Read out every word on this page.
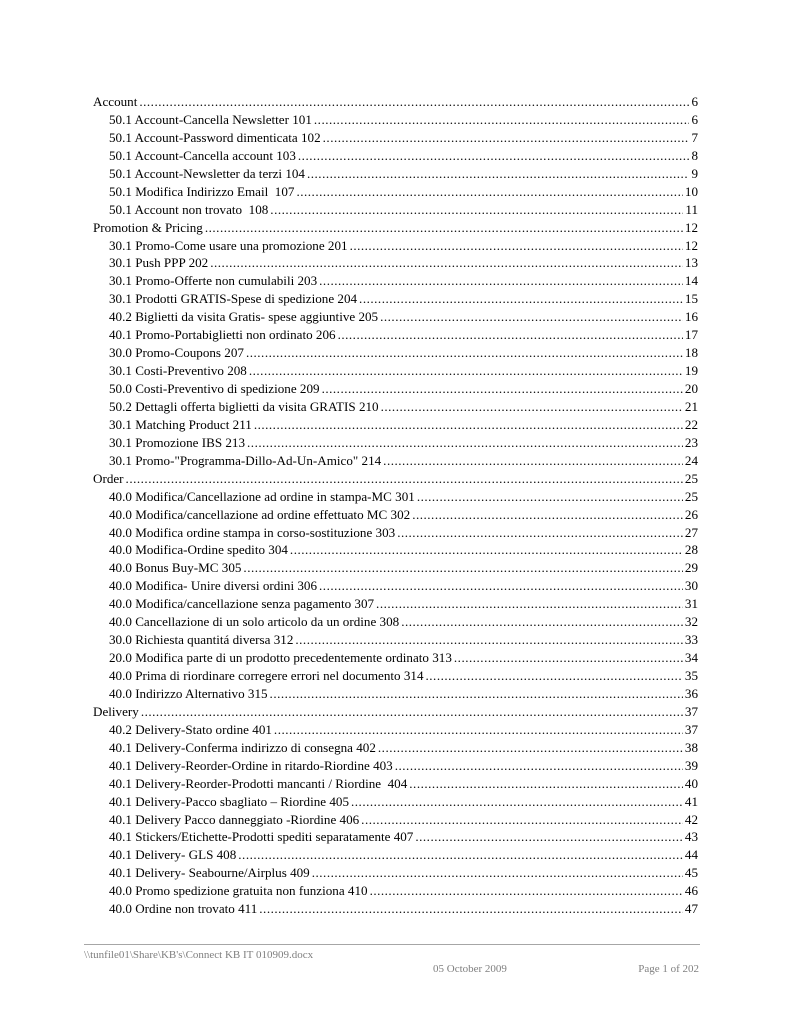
Account .....	6
50.1 Account-Cancella Newsletter 101 .....	6
50.1 Account-Password dimenticata 102 .....	7
50.1 Account-Cancella account 103 .....	8
50.1 Account-Newsletter da terzi 104 .....	9
50.1 Modifica Indirizzo Email  107 .....	10
50.1 Account non trovato  108 .....	11
Promotion & Pricing .....	12
30.1 Promo-Come usare una promozione 201 .....	12
30.1 Push PPP 202 .....	13
30.1 Promo-Offerte non cumulabili 203 .....	14
30.1 Prodotti GRATIS-Spese di spedizione 204 .....	15
40.2 Biglietti da visita Gratis- spese aggiuntive 205 .....	16
40.1 Promo-Portabiglietti non ordinato 206 .....	17
30.0 Promo-Coupons 207 .....	18
30.1 Costi-Preventivo 208 .....	19
50.0 Costi-Preventivo di spedizione 209 .....	20
50.2 Dettagli offerta biglietti da visita GRATIS 210 .....	21
30.1 Matching Product 211 .....	22
30.1 Promozione IBS 213 .....	23
30.1 Promo-"Programma-Dillo-Ad-Un-Amico" 214 .....	24
Order .....	25
40.0 Modifica/Cancellazione ad ordine in stampa-MC 301 .....	25
40.0 Modifica/cancellazione ad ordine effettuato MC 302 .....	26
40.0 Modifica ordine stampa in corso-sostituzione 303 .....	27
40.0 Modifica-Ordine spedito 304 .....	28
40.0 Bonus Buy-MC 305 .....	29
40.0 Modifica- Unire diversi ordini 306 .....	30
40.0 Modifica/cancellazione senza pagamento 307 .....	31
40.0 Cancellazione di un solo articolo da un ordine 308 .....	32
30.0 Richiesta quantitá diversa 312 .....	33
20.0 Modifica parte di un prodotto precedentemente ordinato 313 .....	34
40.0 Prima di riordinare corregere errori nel documento 314 .....	35
40.0 Indirizzo Alternativo 315 .....	36
Delivery .....	37
40.2 Delivery-Stato ordine 401 .....	37
40.1 Delivery-Conferma indirizzo di consegna 402 .....	38
40.1 Delivery-Reorder-Ordine in ritardo-Riordine 403 .....	39
40.1 Delivery-Reorder-Prodotti mancanti / Riordine  404 .....	40
40.1 Delivery-Pacco sbagliato – Riordine 405 .....	41
40.1 Delivery Pacco danneggiato -Riordine 406 .....	42
40.1 Stickers/Etichette-Prodotti spediti separatamente 407 .....	43
40.1 Delivery- GLS 408 .....	44
40.1 Delivery- Seabourne/Airplus 409 .....	45
40.0 Promo spedizione gratuita non funziona 410 .....	46
40.0 Ordine non trovato 411 .....	47
\\tunfile01\Share\KB's\Connect KB IT 010909.docx
05 October 2009	Page 1 of 202
